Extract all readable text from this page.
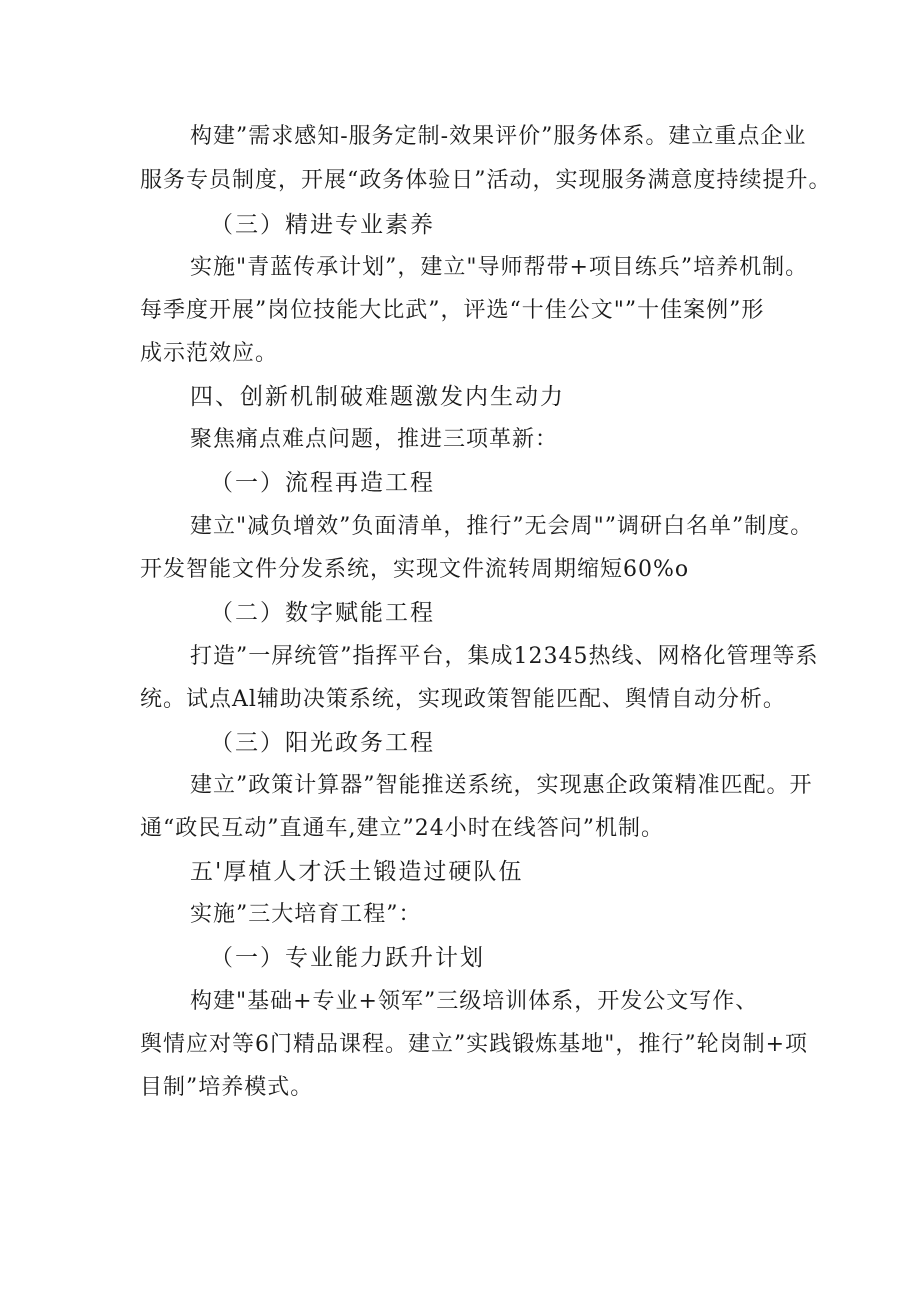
构建”需求感知-服务定制-效果评价”服务体系。建立重点企业
服务专员制度，开展“政务体验日”活动，实现服务满意度持续提升。
（三）精进专业素养
实施"青蓝传承计划”，建立"导师帮带+项目练兵”培养机制。
每季度开展”岗位技能大比武”，评选“十佳公文"”十佳案例”形
成示范效应。
四、创新机制破难题激发内生动力
聚焦痛点难点问题，推进三项革新：
（一）流程再造工程
建立"减负增效”负面清单，推行”无会周"”调研白名单”制度。
开发智能文件分发系统，实现文件流转周期缩短60%o
（二）数字赋能工程
打造”一屏统管”指挥平台，集成12345热线、网格化管理等系
统。试点Al辅助决策系统，实现政策智能匹配、舆情自动分析。
（三）阳光政务工程
建立”政策计算器”智能推送系统，实现惠企政策精准匹配。开
通“政民互动”直通车,建立”24小时在线答问”机制。
五'厚植人才沃土锻造过硬队伍
实施”三大培育工程”：
（一）专业能力跃升计划
构建"基础+专业+领军”三级培训体系，开发公文写作、
舆情应对等6门精品课程。建立”实践锻炼基地"，推行”轮岗制+项
目制”培养模式。
